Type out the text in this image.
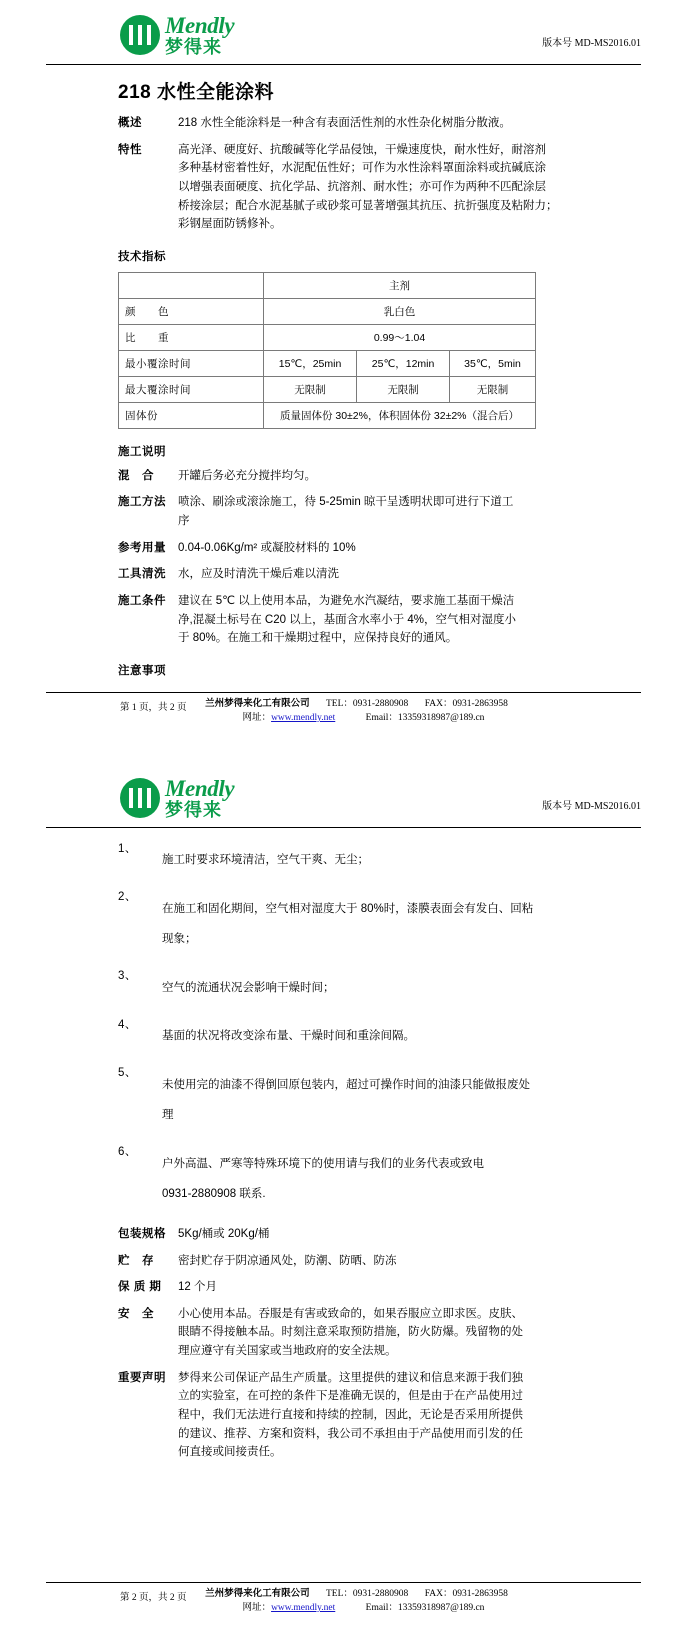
Mendly
梦得来	版本号 MD-MS2016.01
218 水性全能涂料
概述	218 水性全能涂料是一种含有表面活性剂的水性杂化树脂分散液。

特性	高光泽、硬度好、抗酸碱等化学品侵蚀，干燥速度快，耐水性好，耐溶剂

多种基材密着性好，水泥配伍性好；可作为水性涂料罩面涂料或抗碱底涂

以增强表面硬度、抗化学品、抗溶剂、耐水性；亦可作为两种不匹配涂层

桥接涂层；配合水泥基腻子或砂浆可显著增强其抗压、抗折强度及粘附力；

彩钢屋面防锈修补。

技术指标
	主剂		
颜　　色	乳白色		
比　　重	0.99～1.04		
最小覆涂时间	15℃，25min	25℃，12min	35℃，5min
最大覆涂时间	无限制	无限制	无限制
固体份	质量固体份 30±2%，体积固体份 32±2%（混合后）		
施工说明
混　合	开罐后务必充分搅拌均匀。

施工方法	喷涂、刷涂或滚涂施工，待 5-25min 晾干呈透明状即可进行下道工

序

参考用量	0.04-0.06Kg/m² 或凝胶材料的 10%

工具清洗	水，应及时清洗干燥后难以清洗

施工条件	建议在 5℃ 以上使用本品，为避免水汽凝结，要求施工基面干燥洁

净,混凝土标号在 C20 以上，基面含水率小于 4%，空气相对湿度小

于 80%。在施工和干燥期过程中，应保持良好的通风。

注意事项
第 1 页，共 2 页	兰州梦得来化工有限公司 TEL：0931-2880908 FAX：0931-2863958
网址：www.mendly.net	Email：13359318987@189.cn
Mendly
梦得来	版本号 MD-MS2016.01
1、

施工时要求环境清洁，空气干爽、无尘；

2、

在施工和固化期间，空气相对湿度大于 80%时，漆膜表面会有发白、回粘

现象；

3、

空气的流通状况会影响干燥时间；

4、

基面的状况将改变涂布量、干燥时间和重涂间隔。

5、

未使用完的油漆不得倒回原包装内，超过可操作时间的油漆只能做报废处

理

6、

户外高温、严寒等特殊环境下的使用请与我们的业务代表或致电

0931-2880908 联系.

包装规格	5Kg/桶或 20Kg/桶

贮　存	密封贮存于阴凉通风处，防潮、防晒、防冻

保 质 期	12 个月

安　全	小心使用本品。吞服是有害或致命的，如果吞服应立即求医。皮肤、

眼睛不得接触本品。时刻注意采取预防措施，防火防爆。残留物的处

理应遵守有关国家或当地政府的安全法规。

重要声明	梦得来公司保证产品生产质量。这里提供的建议和信息来源于我们独

立的实验室，在可控的条件下是准确无误的，但是由于在产品使用过

程中，我们无法进行直接和持续的控制，因此，无论是否采用所提供

的建议、推荐、方案和资料，我公司不承担由于产品使用而引发的任

何直接或间接责任。

第 2 页，共 2 页	兰州梦得来化工有限公司 TEL：0931-2880908 FAX：0931-2863958
网址：www.mendly.net	Email：13359318987@189.cn
